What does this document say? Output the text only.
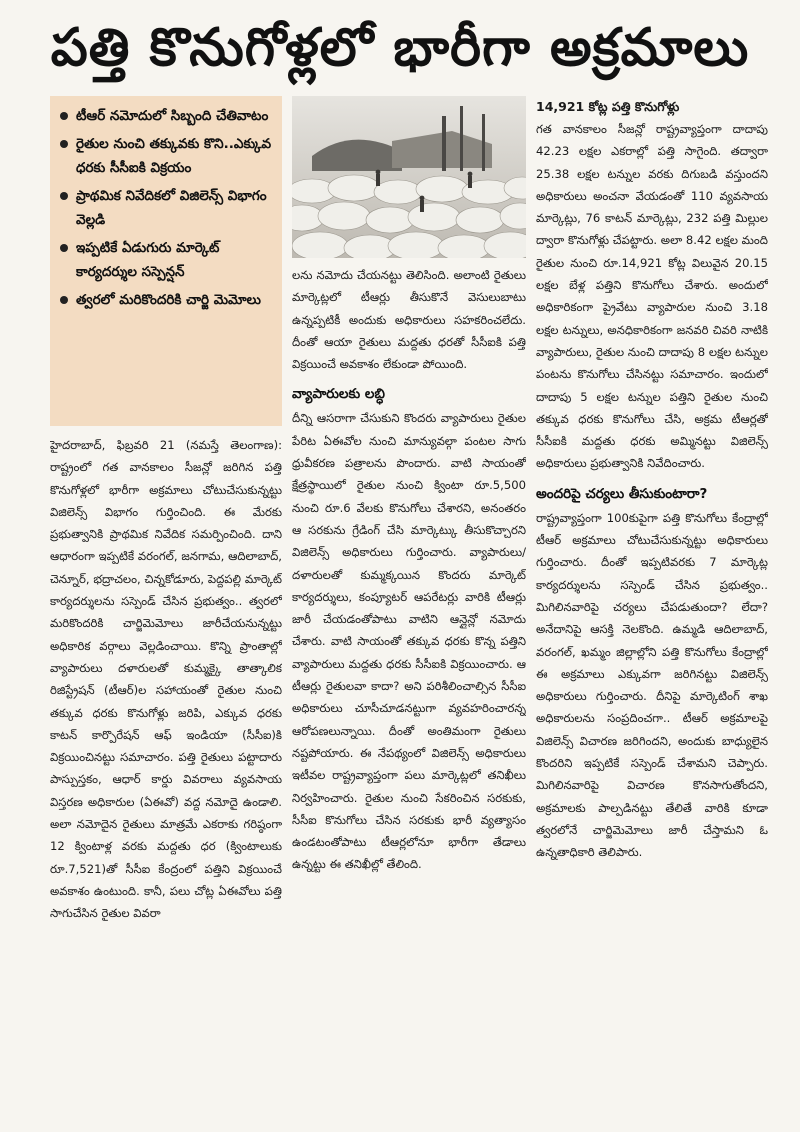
పత్తి కొనుగోళ్లలో భారీగా అక్రమాలు
టీఆర్ నమోదులో సిబ్బంది చేతివాటం
రైతుల నుంచి తక్కువకు కొని..ఎక్కువ ధరకు సీసీఐకి విక్రయం
ప్రాథమిక నివేదికలో విజిలెన్స్ విభాగం వెల్లడి
ఇప్పటికే ఏడుగురు మార్కెట్ కార్యదర్శుల సస్పెన్షన్
త్వరలో మరికొందరికి చార్జి మెమోలు
హైదరాబాద్, ఫిబ్రవరి 21 (నమస్తే తెలంగాణ): రాష్ట్రంలో గత వానకాలం సీజన్లో జరిగిన పత్తి కొనుగోళ్లలో భారీగా అక్రమాలు చోటుచేసుకున్నట్టు విజిలెన్స్ విభాగం గుర్తించింది. ఈ మేరకు ప్రభుత్వానికి ప్రాథమిక నివేదిక సమర్పించింది. దాని ఆధారంగా ఇప్పటికే వరంగల్, జనగామ, ఆదిలాబాద్, చెన్నూర్, భద్రాచలం, చిన్నకోడూరు, పెద్దపల్లి మార్కెట్ కార్యదర్శులను సస్పెండ్ చేసిన ప్రభుత్వం.. త్వరలో మరికొందరికి చార్జిమెమోలు జారీచేయనున్నట్టు అధికారిక వర్గాలు వెల్లడించాయి. కొన్ని ప్రాంతాల్లో వ్యాపారులు దళారులతో కుమ్మక్కై తాత్కాలిక రిజిస్ట్రేషన్ (టీఆర్)ల సహాయంతో రైతుల నుంచి తక్కువ ధరకు కొనుగోళ్లు జరిపి, ఎక్కువ ధరకు కాటన్ కార్పొరేషన్ ఆఫ్ ఇండియా (సీసీఐ)కి విక్రయించినట్టు సమాచారం. పత్తి రైతులు పట్టాదారు పాస్పుస్తకం, ఆధార్ కార్డు వివరాలు వ్యవసాయ విస్తరణ అధికారుల (ఏఈవో) వద్ద నమోదై ఉండాలి. అలా నమోదైన రైతులు మాత్రమే ఎకరాకు గరిష్ఠంగా 12 క్వింటాళ్ల వరకు మద్దతు ధర (క్వింటాలుకు రూ.7,521)తో సీసీఐ కేంద్రంలో పత్తిని విక్రయించే అవకాశం ఉంటుంది. కానీ, పలు చోట్ల ఏఈవోలు పత్తి సాగుచేసిన రైతుల వివరా
లను నమోదు చేయనట్టు తెలిసింది. అలాంటి రైతులు మార్కెట్లలో టీఆర్లు తీసుకొనే వెసులుబాటు ఉన్నప్పటికీ అందుకు అధికారులు సహకరించలేదు. దీంతో ఆయా రైతులు మద్దతు ధరతో సీసీఐకి పత్తి విక్రయించే అవకాశం లేకుండా పోయింది.
వ్యాపారులకు లబ్ధి
దీన్ని ఆసరాగా చేసుకుని కొందరు వ్యాపారులు రైతుల పేరిట ఏఈవోల నుంచి మాన్యువల్గా పంటల సాగు ధ్రువీకరణ పత్రాలను పొందారు. వాటి సాయంతో క్షేత్రస్థాయిలో రైతుల నుంచి క్వింటా రూ.5,500 నుంచి రూ.6 వేలకు కొనుగోలు చేశారని, అనంతరం ఆ సరకును గ్రేడింగ్ చేసి మార్కెట్కు తీసుకొచ్చారని విజిలెన్స్ అధికారులు గుర్తించారు. వ్యాపారులు/దళారులతో కుమ్మక్కయిన కొందరు మార్కెట్ కార్యదర్శులు, కంప్యూటర్ ఆపరేటర్లు వారికి టీఆర్లు జారీ చేయడంతోపాటు వాటిని ఆన్లైన్లో నమోదు చేశారు. వాటి సాయంతో తక్కువ ధరకు కొన్న పత్తిని వ్యాపారులు మద్దతు ధరకు సీసీఐకి విక్రయించారు. ఆ టీఆర్లు రైతులవా కాదా? అని పరిశీలించాల్సిన సీసీఐ అధికారులు చూసీచూడనట్టుగా వ్యవహరించారన్న ఆరోపణలున్నాయి. దీంతో అంతిమంగా రైతులు నష్టపోయారు. ఈ నేపథ్యంలో విజిలెన్స్ అధికారులు ఇటీవల రాష్ట్రవ్యాప్తంగా పలు మార్కెట్లలో తనిఖీలు నిర్వహించారు. రైతుల నుంచి సేకరించిన సరకుకు, సీసీఐ కొనుగోలు చేసిన సరకుకు భారీ వ్యత్యాసం ఉండటంతోపాటు టీఆర్లలోనూ భారీగా తేడాలు ఉన్నట్టు ఈ తనిఖీల్లో తేలింది.
14,921 కోట్ల పత్తి కొనుగోళ్లు
గత వానకాలం సీజన్లో రాష్ట్రవ్యాప్తంగా దాదాపు 42.23 లక్షల ఎకరాల్లో పత్తి సాగైంది. తద్వారా 25.38 లక్షల టన్నుల వరకు దిగుబడి వస్తుందని అధికారులు అంచనా వేయడంతో 110 వ్యవసాయ మార్కెట్లు, 76 కాటన్ మార్కెట్లు, 232 పత్తి మిల్లుల ద్వారా కొనుగోళ్లు చేపట్టారు. అలా 8.42 లక్షల మంది రైతుల నుంచి రూ.14,921 కోట్ల విలువైన 20.15 లక్షల బేళ్ల పత్తిని కొనుగోలు చేశారు. అందులో అధికారికంగా ప్రైవేటు వ్యాపారుల నుంచి 3.18 లక్షల టన్నులు, అనధికారికంగా జనవరి చివరి నాటికి వ్యాపారులు, రైతుల నుంచి దాదాపు 8 లక్షల టన్నుల పంటను కొనుగోలు చేసినట్టు సమాచారం. ఇందులో దాదాపు 5 లక్షల టన్నుల పత్తిని రైతుల నుంచి తక్కువ ధరకు కొనుగోలు చేసి, అక్రమ టీఆర్లతో సీసీఐకి మద్దతు ధరకు అమ్మినట్టు విజిలెన్స్ అధికారులు ప్రభుత్వానికి నివేదించారు.
అందరిపై చర్యలు తీసుకుంటారా?
రాష్ట్రవ్యాప్తంగా 100కుపైగా పత్తి కొనుగోలు కేంద్రాల్లో టీఆర్ అక్రమాలు చోటుచేసుకున్నట్టు అధికారులు గుర్తించారు. దీంతో ఇప్పటివరకు 7 మార్కెట్ల కార్యదర్శులను సస్పెండ్ చేసిన ప్రభుత్వం.. మిగిలినవారిపై చర్యలు చేపడుతుందా? లేదా? అనేదానిపై ఆసక్తి నెలకొంది. ఉమ్మడి ఆదిలాబాద్, వరంగల్, ఖమ్మం జిల్లాల్లోని పత్తి కొనుగోలు కేంద్రాల్లో ఈ అక్రమాలు ఎక్కువగా జరిగినట్టు విజిలెన్స్ అధికారులు గుర్తించారు. దీనిపై మార్కెటింగ్ శాఖ అధికారులను సంప్రదించగా.. టీఆర్ అక్రమాలపై విజిలెన్స్ విచారణ జరిగిందని, అందుకు బాధ్యులైన కొందరిని ఇప్పటికే సస్పెండ్ చేశామని చెప్పారు. మిగిలినవారిపై విచారణ కొనసాగుతోందని, అక్రమాలకు పాల్పడినట్టు తేలితే వారికి కూడా త్వరలోనే చార్జిమెమోలు జారీ చేస్తామని ఓ ఉన్నతాధికారి తెలిపారు.
